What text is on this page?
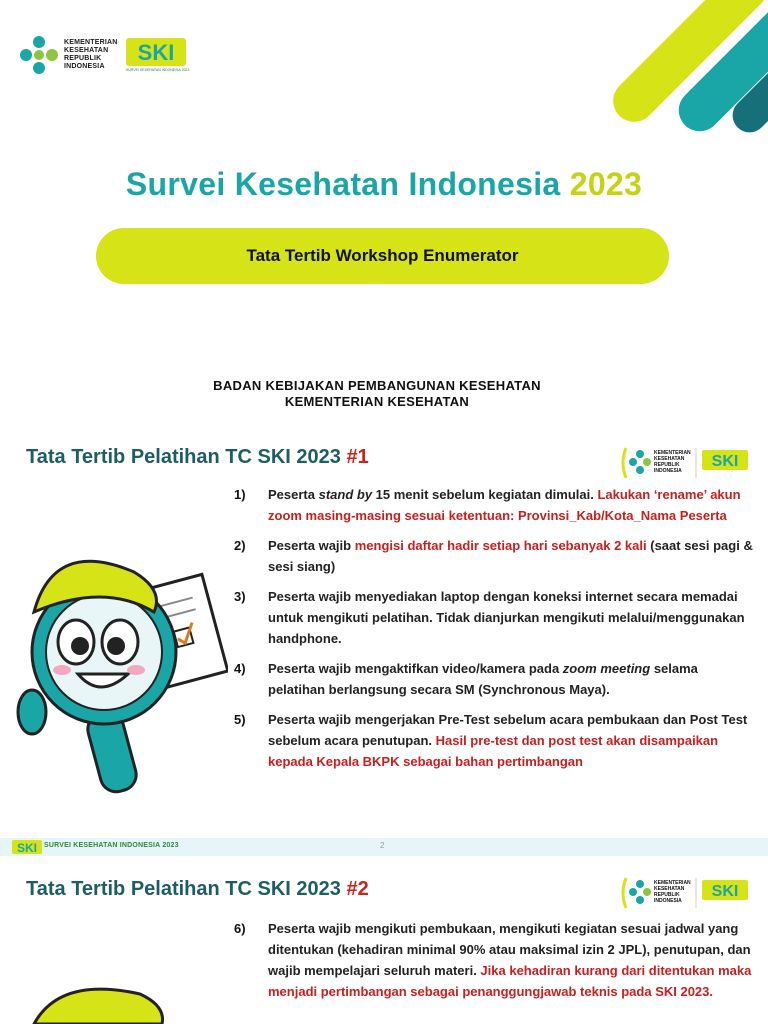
KEMENTERIAN
KESEHATAN
REPUBLIK
INDONESIA
SKI
SURVEI KESEHATAN INDONESIA 2023
Survei Kesehatan Indonesia 2023
Tata Tertib Workshop Enumerator
BADAN KEBIJAKAN PEMBANGUNAN KESEHATAN
KEMENTERIAN KESEHATAN
Tata Tertib Pelatihan TC SKI 2023 #1	KEMENTERIAN
KESEHATAN
REPUBLIK
INDONESIA
SKI
1)	Peserta stand by 15 menit sebelum kegiatan dimulai. Lakukan ‘rename’ akun zoom masing-masing sesuai ketentuan: Provinsi_Kab/Kota_Nama Peserta
2)	Peserta wajib mengisi daftar hadir setiap hari sebanyak 2 kali (saat sesi pagi & sesi siang)
3)	Peserta wajib menyediakan laptop dengan koneksi internet secara memadai untuk mengikuti pelatihan. Tidak dianjurkan mengikuti melalui/menggunakan handphone.
4)	Peserta wajib mengaktifkan video/kamera pada zoom meeting selama pelatihan berlangsung secara SM (Synchronous Maya).
5)	Peserta wajib mengerjakan Pre-Test sebelum acara pembukaan dan Post Test sebelum acara penutupan. Hasil pre-test dan post test akan disampaikan kepada Kepala BKPK sebagai bahan pertimbangan
SKI SURVEI KESEHATAN INDONESIA 2023	2
Tata Tertib Pelatihan TC SKI 2023 #2	KEMENTERIAN
KESEHATAN
REPUBLIK
INDONESIA
SKI
6)	Peserta wajib mengikuti pembukaan, mengikuti kegiatan sesuai jadwal yang ditentukan (kehadiran minimal 90% atau maksimal izin 2 JPL), penutupan, dan wajib mempelajari seluruh materi. Jika kehadiran kurang dari ditentukan maka menjadi pertimbangan sebagai penanggungjawab teknis pada SKI 2023.
